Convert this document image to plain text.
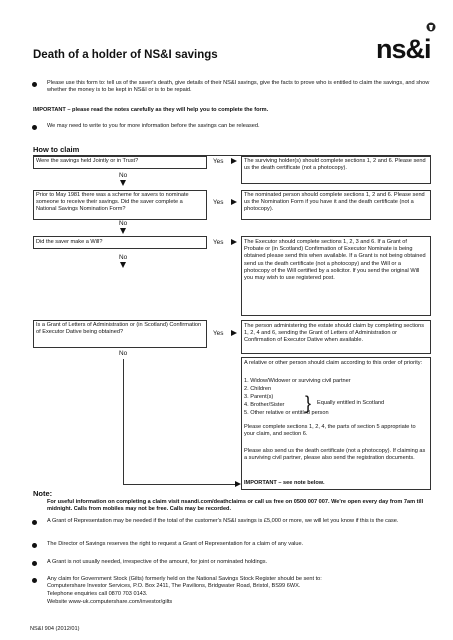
ns&i
Death of a holder of NS&I savings
Please use this form to: tell us of the saver's death, give details of their NS&I savings, give the facts to prove who is entitled to claim the savings, and show whether the money is to be kept in NS&I or is to be repaid.
IMPORTANT – please read the notes carefully as they will help you to complete the form.
We may need to write to you for more information before the savings can be released.
How to claim
Were the savings held Jointly or in Trust?	Yes	The surviving holder(s) should complete sections 1, 2 and 6. Please send us the death certificate (not a photocopy).
No
Prior to May 1981 there was a scheme for savers to nominate someone to receive their savings. Did the saver complete a National Savings Nomination Form?
Yes
The nominated person should complete sections 1, 2 and 6. Please send us the Nomination Form if you have it and the death certificate (not a photocopy).
No
Did the saver make a Will?	Yes	The Executor should complete sections 1, 2, 3 and 6. If a Grant of Probate or (in Scotland) Confirmation of Executor Nominate is being obtained please send this when available. If a Grant is not being obtained send us the death certificate (not a photocopy) and the Will or a photocopy of the Will certified by a solicitor. If you send the original Will you may wish to use registered post.
No
Is a Grant of Letters of Administration or (in Scotland) Confirmation of Executor Dative being obtained?	Yes
The person administering the estate should claim by completing sections 1, 2, 4 and 6, sending the Grant of Letters of Administration or Confirmation of Executor Dative when available.
No
A relative or other person should claim according to this order of priority:
1. Widow/Widower or surviving civil partner
2. Children
3. Parent(s)
4. Brother/Sister
5. Other relative or entitled person
} Equally entitled in Scotland
Please complete sections 1, 2, 4, the parts of section 5 appropriate to your claim, and section 6.
Please also send us the death certificate (not a photocopy). If claiming as a surviving civil partner, please also send the registration documents.
IMPORTANT – see note below.
Note:
For useful information on completing a claim visit nsandi.com/deathclaims or call us free on 0500 007 007. We're open every day from 7am till midnight. Calls from mobiles may not be free. Calls may be recorded.
A Grant of Representation may be needed if the total of the customer's NS&I savings is £5,000 or more, we will let you know if this is the case.
The Director of Savings reserves the right to request a Grant of Representation for a claim of any value.
A Grant is not usually needed, irrespective of the amount, for joint or nominated holdings.
Any claim for Government Stock (Gilts) formerly held on the National Savings Stock Register should be sent to:
Computershare Investor Services, P.O. Box 2411, The Pavilions, Bridgwater Road, Bristol, BS99 6WX.
Telephone enquiries call 0870 703 0143.
Website www-uk.computershare.com/investor/gilts
NS&I 904 (2012/01)
